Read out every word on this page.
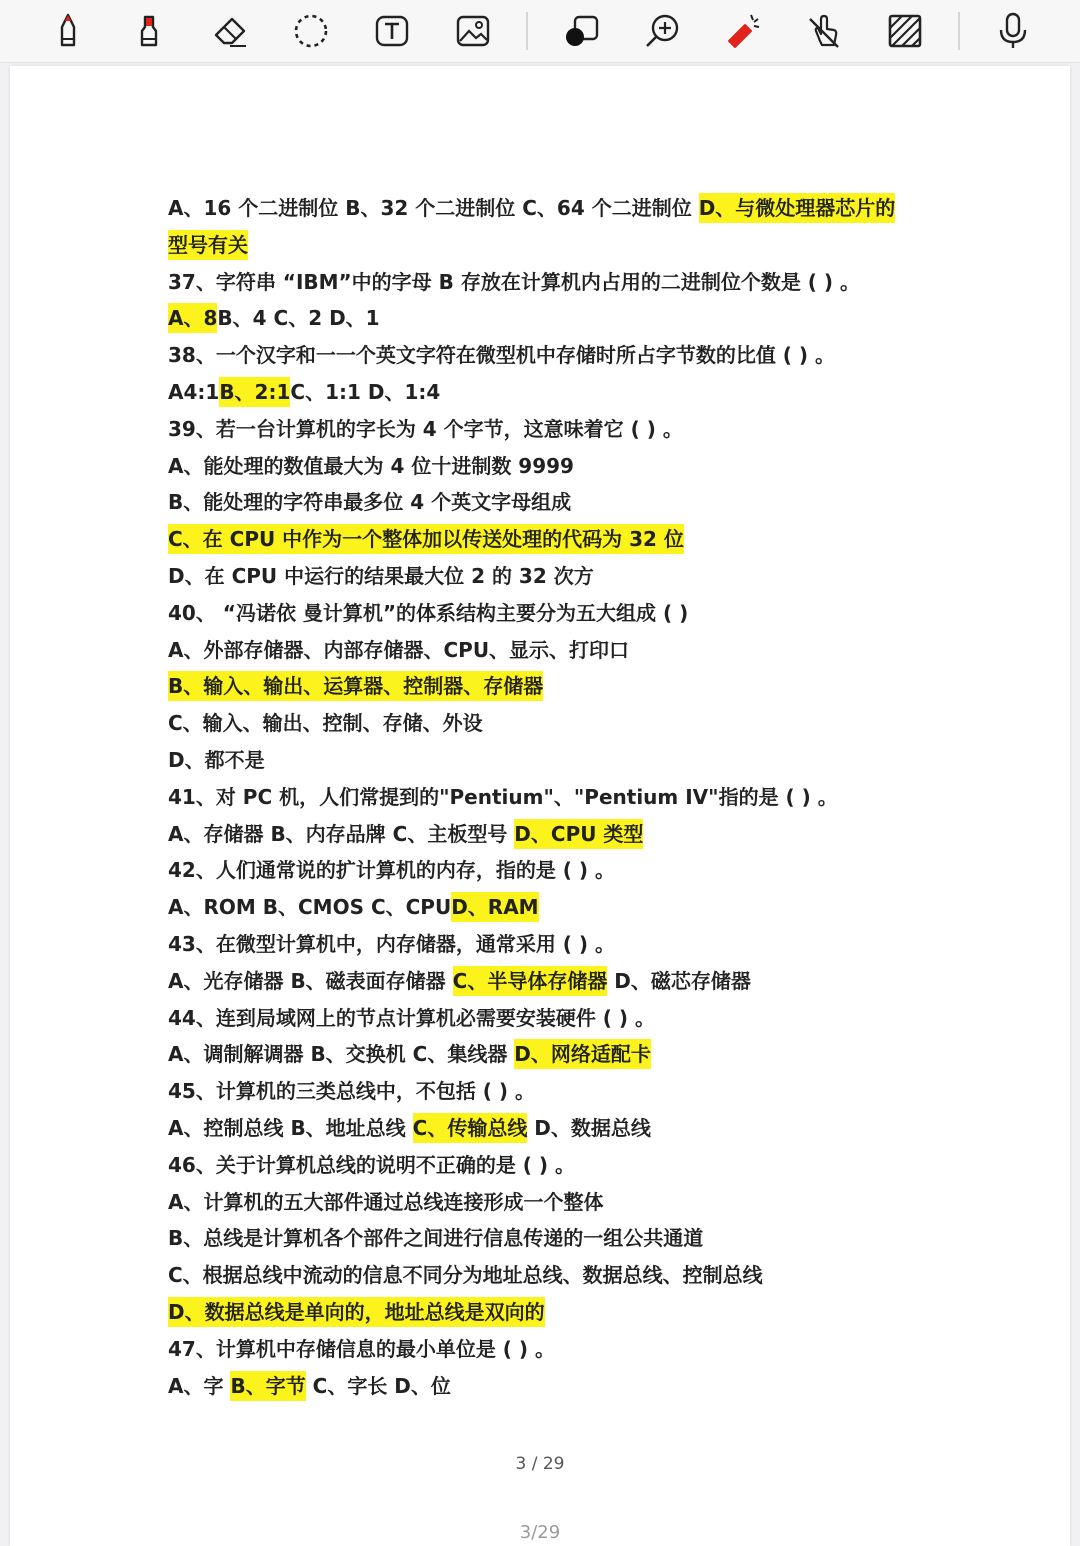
A、16 个二进制位 B、32 个二进制位 C、64 个二进制位 D、与微处理器芯片的
型号有关
37、字符串 “IBM”中的字母 B 存放在计算机内占用的二进制位个数是 ( ) 。
A、8B、4 C、2 D、1
38、一个汉字和一一个英文字符在微型机中存储时所占字节数的比值 ( ) 。
A4:1B、2:1C、1:1 D、1:4
39、若一台计算机的字长为 4 个字节，这意味着它 ( ) 。
A、能处理的数值最大为 4 位十进制数 9999
B、能处理的字符串最多位 4 个英文字母组成
C、在 CPU 中作为一个整体加以传送处理的代码为 32 位
D、在 CPU 中运行的结果最大位 2 的 32 次方
40、 “冯诺依 曼计算机”的体系结构主要分为五大组成 ( )
A、外部存储器、内部存储器、CPU、显示、打印口
B、输入、输出、运算器、控制器、存储器
C、输入、输出、控制、存储、外设
D、都不是
41、对 PC 机，人们常提到的"Pentium"、"Pentium IV"指的是 ( ) 。
A、存储器 B、内存品牌 C、主板型号 D、CPU 类型
42、人们通常说的扩计算机的内存，指的是 ( ) 。
A、ROM B、CMOS C、CPUD、RAM
43、在微型计算机中，内存储器，通常采用 ( ) 。
A、光存储器 B、磁表面存储器 C、半导体存储器 D、磁芯存储器
44、连到局域网上的节点计算机必需要安装硬件 ( ) 。
A、调制解调器 B、交换机 C、集线器 D、网络适配卡
45、计算机的三类总线中，不包括 ( ) 。
A、控制总线 B、地址总线 C、传输总线 D、数据总线
46、关于计算机总线的说明不正确的是 ( ) 。
A、计算机的五大部件通过总线连接形成一个整体
B、总线是计算机各个部件之间进行信息传递的一组公共通道
C、根据总线中流动的信息不同分为地址总线、数据总线、控制总线
D、数据总线是单向的，地址总线是双向的
47、计算机中存储信息的最小单位是 ( ) 。
A、字 B、字节 C、字长 D、位
3 / 29
3/29
